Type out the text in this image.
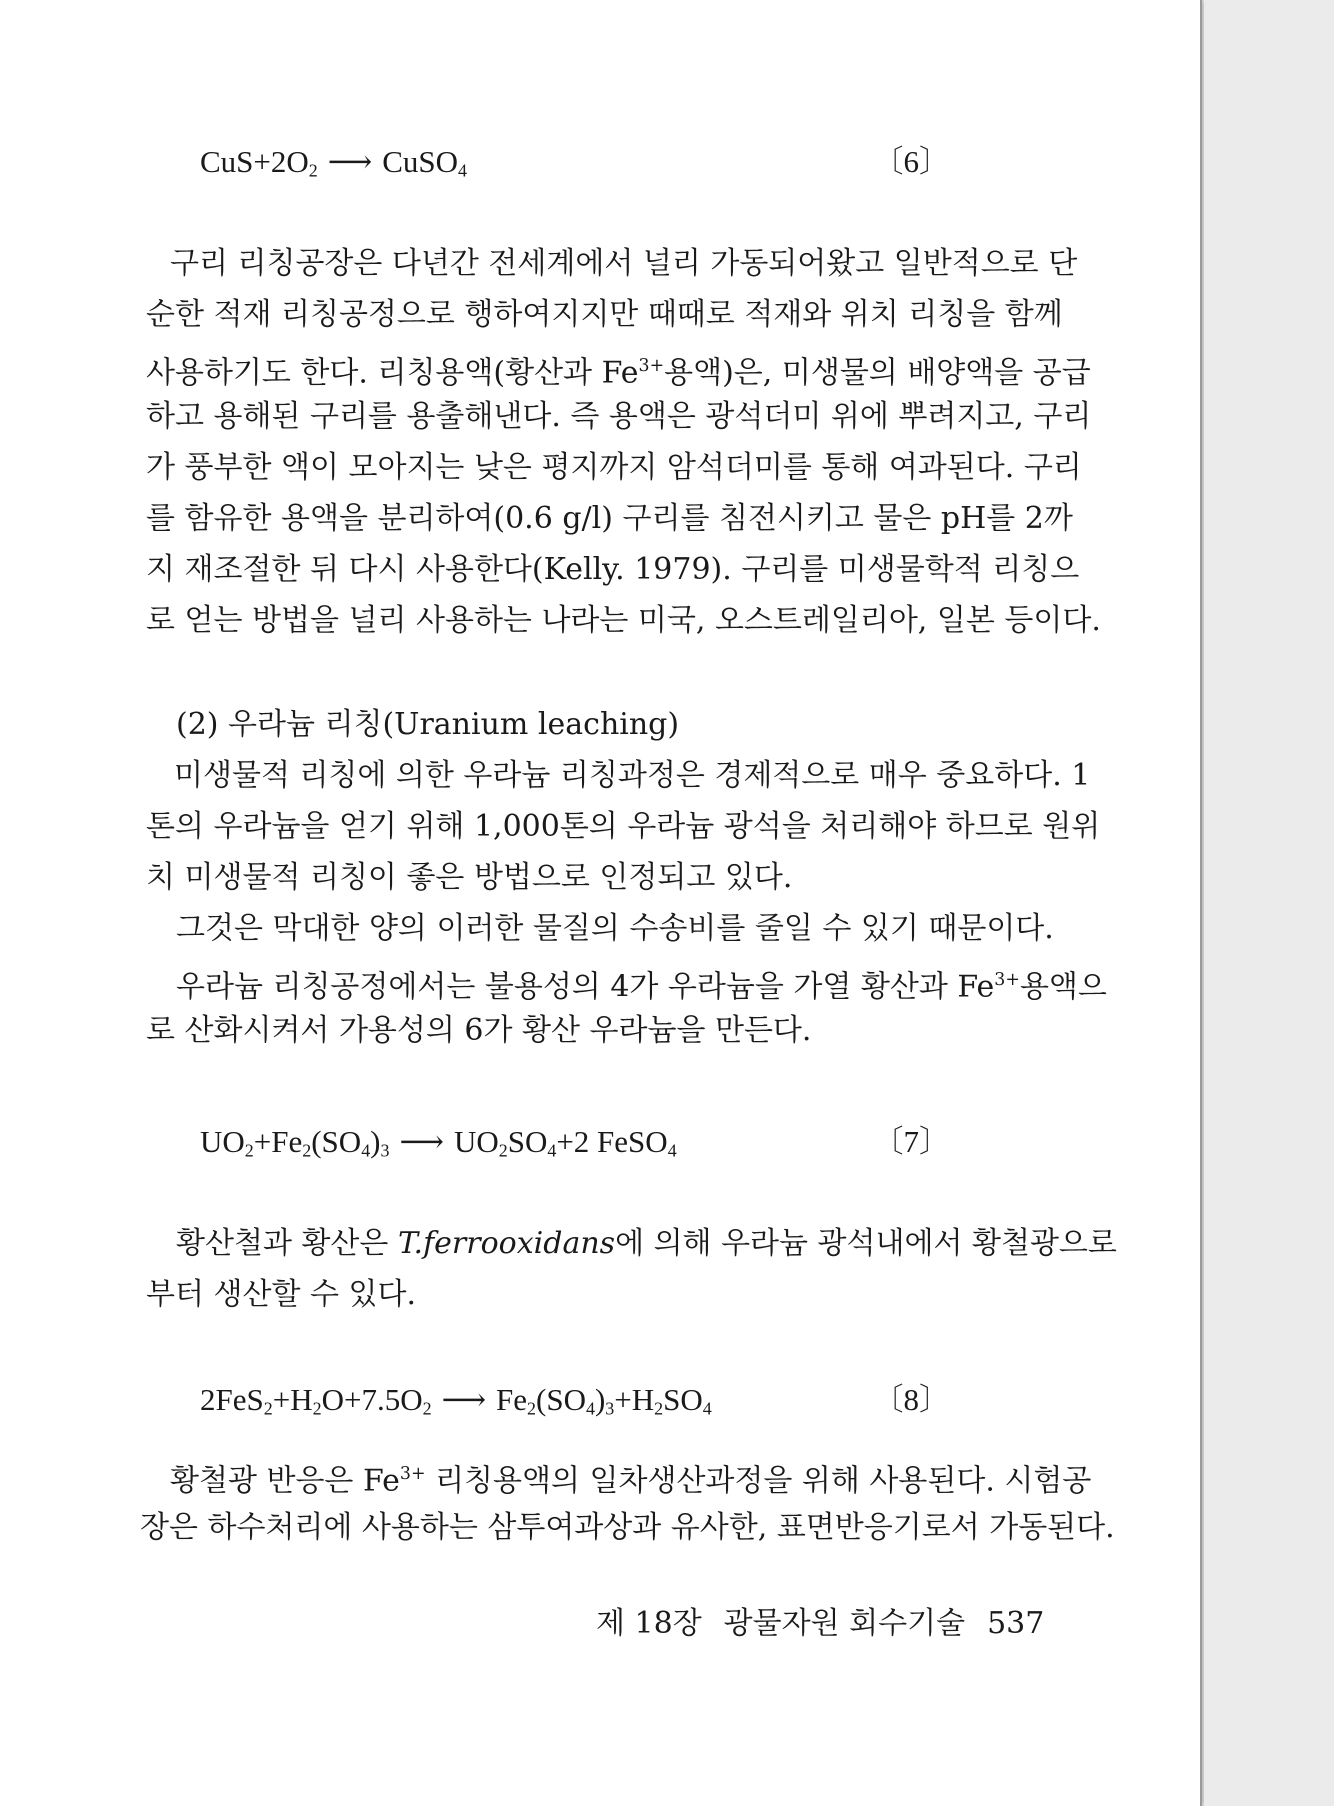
$CuS+2O_2$ ⟶ CuSO$_4$	〔6〕
구리 리칭공장은 다년간 전세계에서 널리 가동되어왔고 일반적으로 단
순한 적재 리칭공정으로 행하여지지만 때때로 적재와 위치 리칭을 함께
사용하기도 한다. 리칭용액(황산과 $Fe^{3+}$용액)은, 미생물의 배양액을 공급
하고 용해된 구리를 용출해낸다. 즉 용액은 광석더미 위에 뿌려지고, 구리
가 풍부한 액이 모아지는 낮은 평지까지 암석더미를 통해 여과된다. 구리
를 함유한 용액을 분리하여(0.6 g/l) 구리를 침전시키고 물은 pH를 2까
지 재조절한 뒤 다시 사용한다(Kelly. 1979). 구리를 미생물학적 리칭으
로 얻는 방법을 널리 사용하는 나라는 미국, 오스트레일리아, 일본 등이다.
(2) 우라늄 리칭(Uranium leaching)
미생물적 리칭에 의한 우라늄 리칭과정은 경제적으로 매우 중요하다. 1
톤의 우라늄을 얻기 위해 1,000톤의 우라늄 광석을 처리해야 하므로 원위
치 미생물적 리칭이 좋은 방법으로 인정되고 있다.
그것은 막대한 양의 이러한 물질의 수송비를 줄일 수 있기 때문이다.
우라늄 리칭공정에서는 불용성의 4가 우라늄을 가열 황산과 $Fe^{3+}$용액으
로 산화시켜서 가용성의 6가 황산 우라늄을 만든다.
$UO_2+Fe_2(SO_4)_3$ ⟶ $UO_2SO_4+2$ FeSO$_4$	〔7〕
황산철과 황산은 T.ferrooxidans에 의해 우라늄 광석내에서 황철광으로
부터 생산할 수 있다.
$2FeS_2+H_2O+7.5O_2$ ⟶ $Fe_2(SO_4)_3+H_2SO_4$	〔8〕
황철광 반응은 $Fe^{3+}$ 리칭용액의 일차생산과정을 위해 사용된다. 시험공
장은 하수처리에 사용하는 삼투여과상과 유사한, 표면반응기로서 가동된다.
제 18장 광물자원 회수기술 537
